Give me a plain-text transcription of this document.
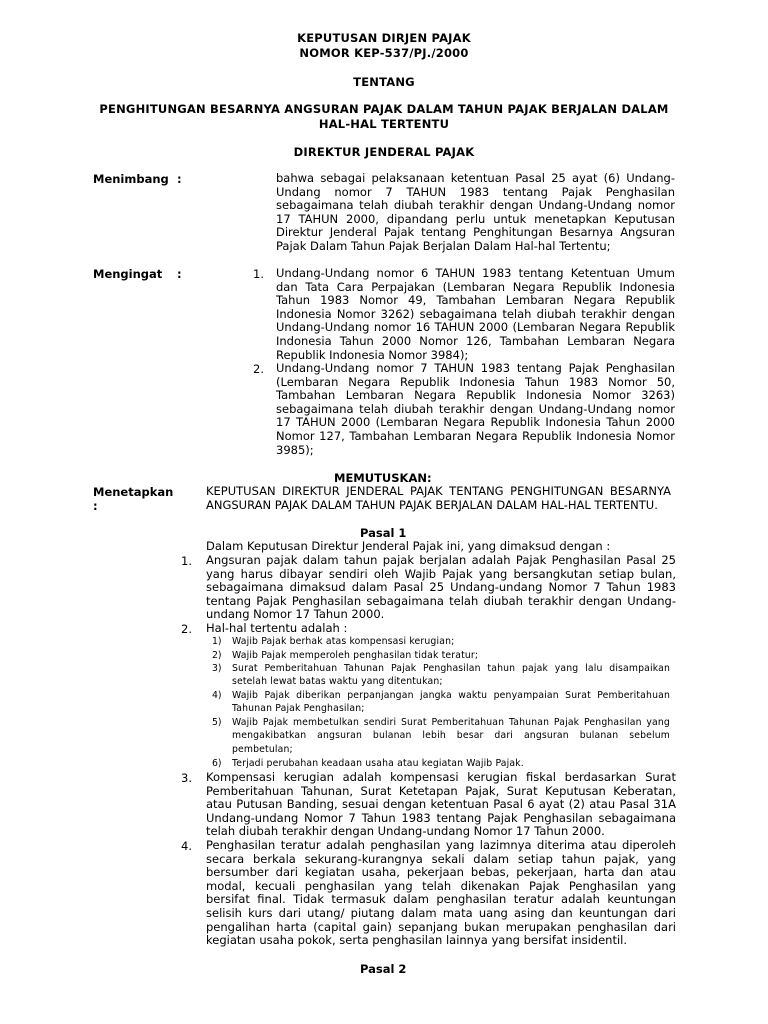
KEPUTUSAN DIRJEN PAJAK
NOMOR KEP-537/PJ./2000
TENTANG
PENGHITUNGAN BESARNYA ANGSURAN PAJAK DALAM TAHUN PAJAK BERJALAN DALAM
HAL-HAL TERTENTU
DIREKTUR JENDERAL PAJAK
Menimbang :	bahwa sebagai pelaksanaan ketentuan Pasal 25 ayat (6) Undang-Undang nomor 7 TAHUN 1983 tentang Pajak Penghasilan sebagaimana telah diubah terakhir dengan Undang-Undang nomor 17 TAHUN 2000, dipandang perlu untuk menetapkan Keputusan Direktur Jenderal Pajak tentang Penghitungan Besarnya Angsuran Pajak Dalam Tahun Pajak Berjalan Dalam Hal-hal Tertentu;
Mengingat :	1. Undang-Undang nomor 6 TAHUN 1983 tentang Ketentuan Umum dan Tata Cara Perpajakan (Lembaran Negara Republik Indonesia Tahun 1983 Nomor 49, Tambahan Lembaran Negara Republik Indonesia Nomor 3262) sebagaimana telah diubah terakhir dengan Undang-Undang nomor 16 TAHUN 2000 (Lembaran Negara Republik Indonesia Tahun 2000 Nomor 126, Tambahan Lembaran Negara Republik Indonesia Nomor 3984);
2. Undang-Undang nomor 7 TAHUN 1983 tentang Pajak Penghasilan (Lembaran Negara Republik Indonesia Tahun 1983 Nomor 50, Tambahan Lembaran Negara Republik Indonesia Nomor 3263) sebagaimana telah diubah terakhir dengan Undang-Undang nomor 17 TAHUN 2000 (Lembaran Negara Republik Indonesia Tahun 2000 Nomor 127, Tambahan Lembaran Negara Republik Indonesia Nomor 3985);
MEMUTUSKAN:
Menetapkan
:
KEPUTUSAN DIREKTUR JENDERAL PAJAK TENTANG PENGHITUNGAN BESARNYA ANGSURAN PAJAK DALAM TAHUN PAJAK BERJALAN DALAM HAL-HAL TERTENTU.
Pasal 1
Dalam Keputusan Direktur Jenderal Pajak ini, yang dimaksud dengan :
1. Angsuran pajak dalam tahun pajak berjalan adalah Pajak Penghasilan Pasal 25 yang harus dibayar sendiri oleh Wajib Pajak yang bersangkutan setiap bulan, sebagaimana dimaksud dalam Pasal 25 Undang-undang Nomor 7 Tahun 1983 tentang Pajak Penghasilan sebagaimana telah diubah terakhir dengan Undang-undang Nomor 17 Tahun 2000.
2. Hal-hal tertentu adalah :
1) Wajib Pajak berhak atas kompensasi kerugian;
2) Wajib Pajak memperoleh penghasilan tidak teratur;
3) Surat Pemberitahuan Tahunan Pajak Penghasilan tahun pajak yang lalu disampaikan setelah lewat batas waktu yang ditentukan;
4) Wajib Pajak diberikan perpanjangan jangka waktu penyampaian Surat Pemberitahuan Tahunan Pajak Penghasilan;
5) Wajib Pajak membetulkan sendiri Surat Pemberitahuan Tahunan Pajak Penghasilan yang mengakibatkan angsuran bulanan lebih besar dari angsuran bulanan sebelum pembetulan;
6) Terjadi perubahan keadaan usaha atau kegiatan Wajib Pajak.
3. Kompensasi kerugian adalah kompensasi kerugian fiskal berdasarkan Surat Pemberitahuan Tahunan, Surat Ketetapan Pajak, Surat Keputusan Keberatan, atau Putusan Banding, sesuai dengan ketentuan Pasal 6 ayat (2) atau Pasal 31A Undang-undang Nomor 7 Tahun 1983 tentang Pajak Penghasilan sebagaimana telah diubah terakhir dengan Undang-undang Nomor 17 Tahun 2000.
4. Penghasilan teratur adalah penghasilan yang lazimnya diterima atau diperoleh secara berkala sekurang-kurangnya sekali dalam setiap tahun pajak, yang bersumber dari kegiatan usaha, pekerjaan bebas, pekerjaan, harta dan atau modal, kecuali penghasilan yang telah dikenakan Pajak Penghasilan yang bersifat final. Tidak termasuk dalam penghasilan teratur adalah keuntungan selisih kurs dari utang/ piutang dalam mata uang asing dan keuntungan dari pengalihan harta (capital gain) sepanjang bukan merupakan penghasilan dari kegiatan usaha pokok, serta penghasilan lainnya yang bersifat insidentil.
Pasal 2
